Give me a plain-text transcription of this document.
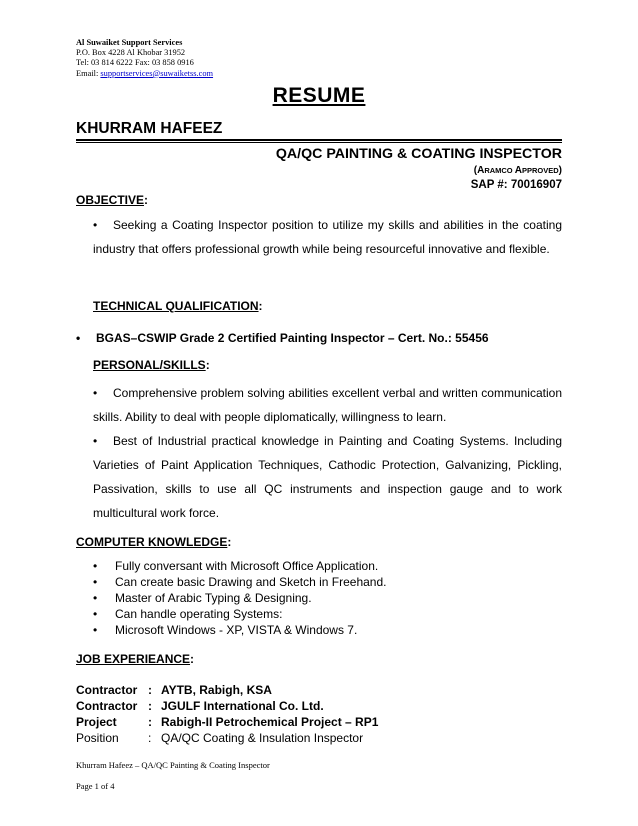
Al Suwaiket Support Services
P.O. Box 4228 Al Khobar 31952
Tel: 03 814 6222 Fax: 03 858 0916
Email: supportservices@suwaiketss.com
RESUME
KHURRAM HAFEEZ
QA/QC PAINTING & COATING INSPECTOR
(ARAMCO APPROVED)
SAP #: 70016907
OBJECTIVE:
• Seeking a Coating Inspector position to utilize my skills and abilities in the coating industry that offers professional growth while being resourceful innovative and flexible.
TECHNICAL QUALIFICATION:
• BGAS–CSWIP Grade 2 Certified Painting Inspector – Cert. No.: 55456
PERSONAL/SKILLS:
• Comprehensive problem solving abilities excellent verbal and written communication skills. Ability to deal with people diplomatically, willingness to learn.
• Best of Industrial practical knowledge in Painting and Coating Systems. Including Varieties of Paint Application Techniques, Cathodic Protection, Galvanizing, Pickling, Passivation, skills to use all QC instruments and inspection gauge and to work multicultural work force.
COMPUTER KNOWLEDGE:
• Fully conversant with Microsoft Office Application.
• Can create basic Drawing and Sketch in Freehand.
• Master of Arabic Typing & Designing.
• Can handle operating Systems:
• Microsoft Windows - XP, VISTA & Windows 7.
JOB EXPERIEANCE:
Contractor : AYTB, Rabigh, KSA
Contractor : JGULF International Co. Ltd.
Project	: Rabigh-II Petrochemical Project – RP1
Position	: QA/QC Coating & Insulation Inspector
Khurram Hafeez – QA/QC Painting & Coating Inspector
Page 1 of 4
